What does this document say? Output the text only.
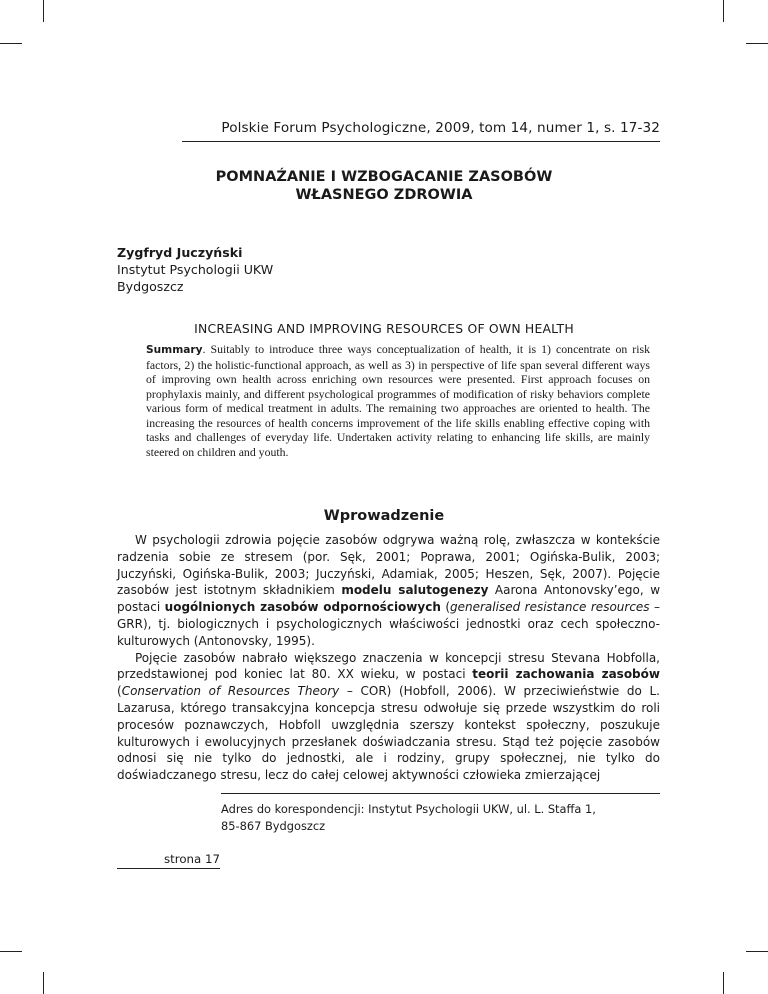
Polskie Forum Psychologiczne, 2009, tom 14, numer 1, s. 17-32
POMNAŹANIE I WZBOGACANIE ZASOBÓW
WŁASNEGO ZDROWIA
Zygfryd Juczyński
Instytut Psychologii UKW
Bydgoszcz
INCREASING AND IMPROVING RESOURCES OF OWN HEALTH
Summary. Suitably to introduce three ways conceptualization of health, it is 1) concentrate on risk factors, 2) the holistic-functional approach, as well as 3) in perspective of life span several different ways of improving own health across enriching own resources were presented. First approach focuses on prophylaxis mainly, and different psychological programmes of modification of risky behaviors complete various form of medical treatment in adults. The remaining two approaches are oriented to health. The increasing the resources of health concerns improvement of the life skills enabling effective coping with tasks and challenges of everyday life. Undertaken activity relating to enhancing life skills, are mainly steered on children and youth.
Wprowadzenie

W psychologii zdrowia pojęcie zasobów odgrywa ważną rolę, zwłaszcza w kontekście radzenia sobie ze stresem (por. Sęk, 2001; Poprawa, 2001; Ogińska-Bulik, 2003; Juczyński, Ogińska-Bulik, 2003; Juczyński, Adamiak, 2005; Heszen, Sęk, 2007). Pojęcie zasobów jest istotnym składnikiem modelu salutogenezy Aarona Antonovsky’ego, w postaci uogólnionych zasobów odpornościowych (generalised resistance resources – GRR), tj. biologicznych i psychologicznych właściwości jednostki oraz cech społeczno-kulturowych (Antonovsky, 1995).

Pojęcie zasobów nabrało większego znaczenia w koncepcji stresu Stevana Hobfolla, przedstawionej pod koniec lat 80. XX wieku, w postaci teorii zachowania zasobów (Conservation of Resources Theory – COR) (Hobfoll, 2006). W przeciwieństwie do L. Lazarusa, którego transakcyjna koncepcja stresu odwołuje się przede wszystkim do roli procesów poznawczych, Hobfoll uwzględnia szerszy kontekst społeczny, poszukuje kulturowych i ewolucyjnych przesłanek doświadczania stresu. Stąd też pojęcie zasobów odnosi się nie tylko do jednostki, ale i rodziny, grupy społecznej, nie tylko do doświadczanego stresu, lecz do całej celowej aktywności człowieka zmierzającej

Adres do korespondencji: Instytut Psychologii UKW, ul. L. Staffa 1,
85-867 Bydgoszcz
strona 17
